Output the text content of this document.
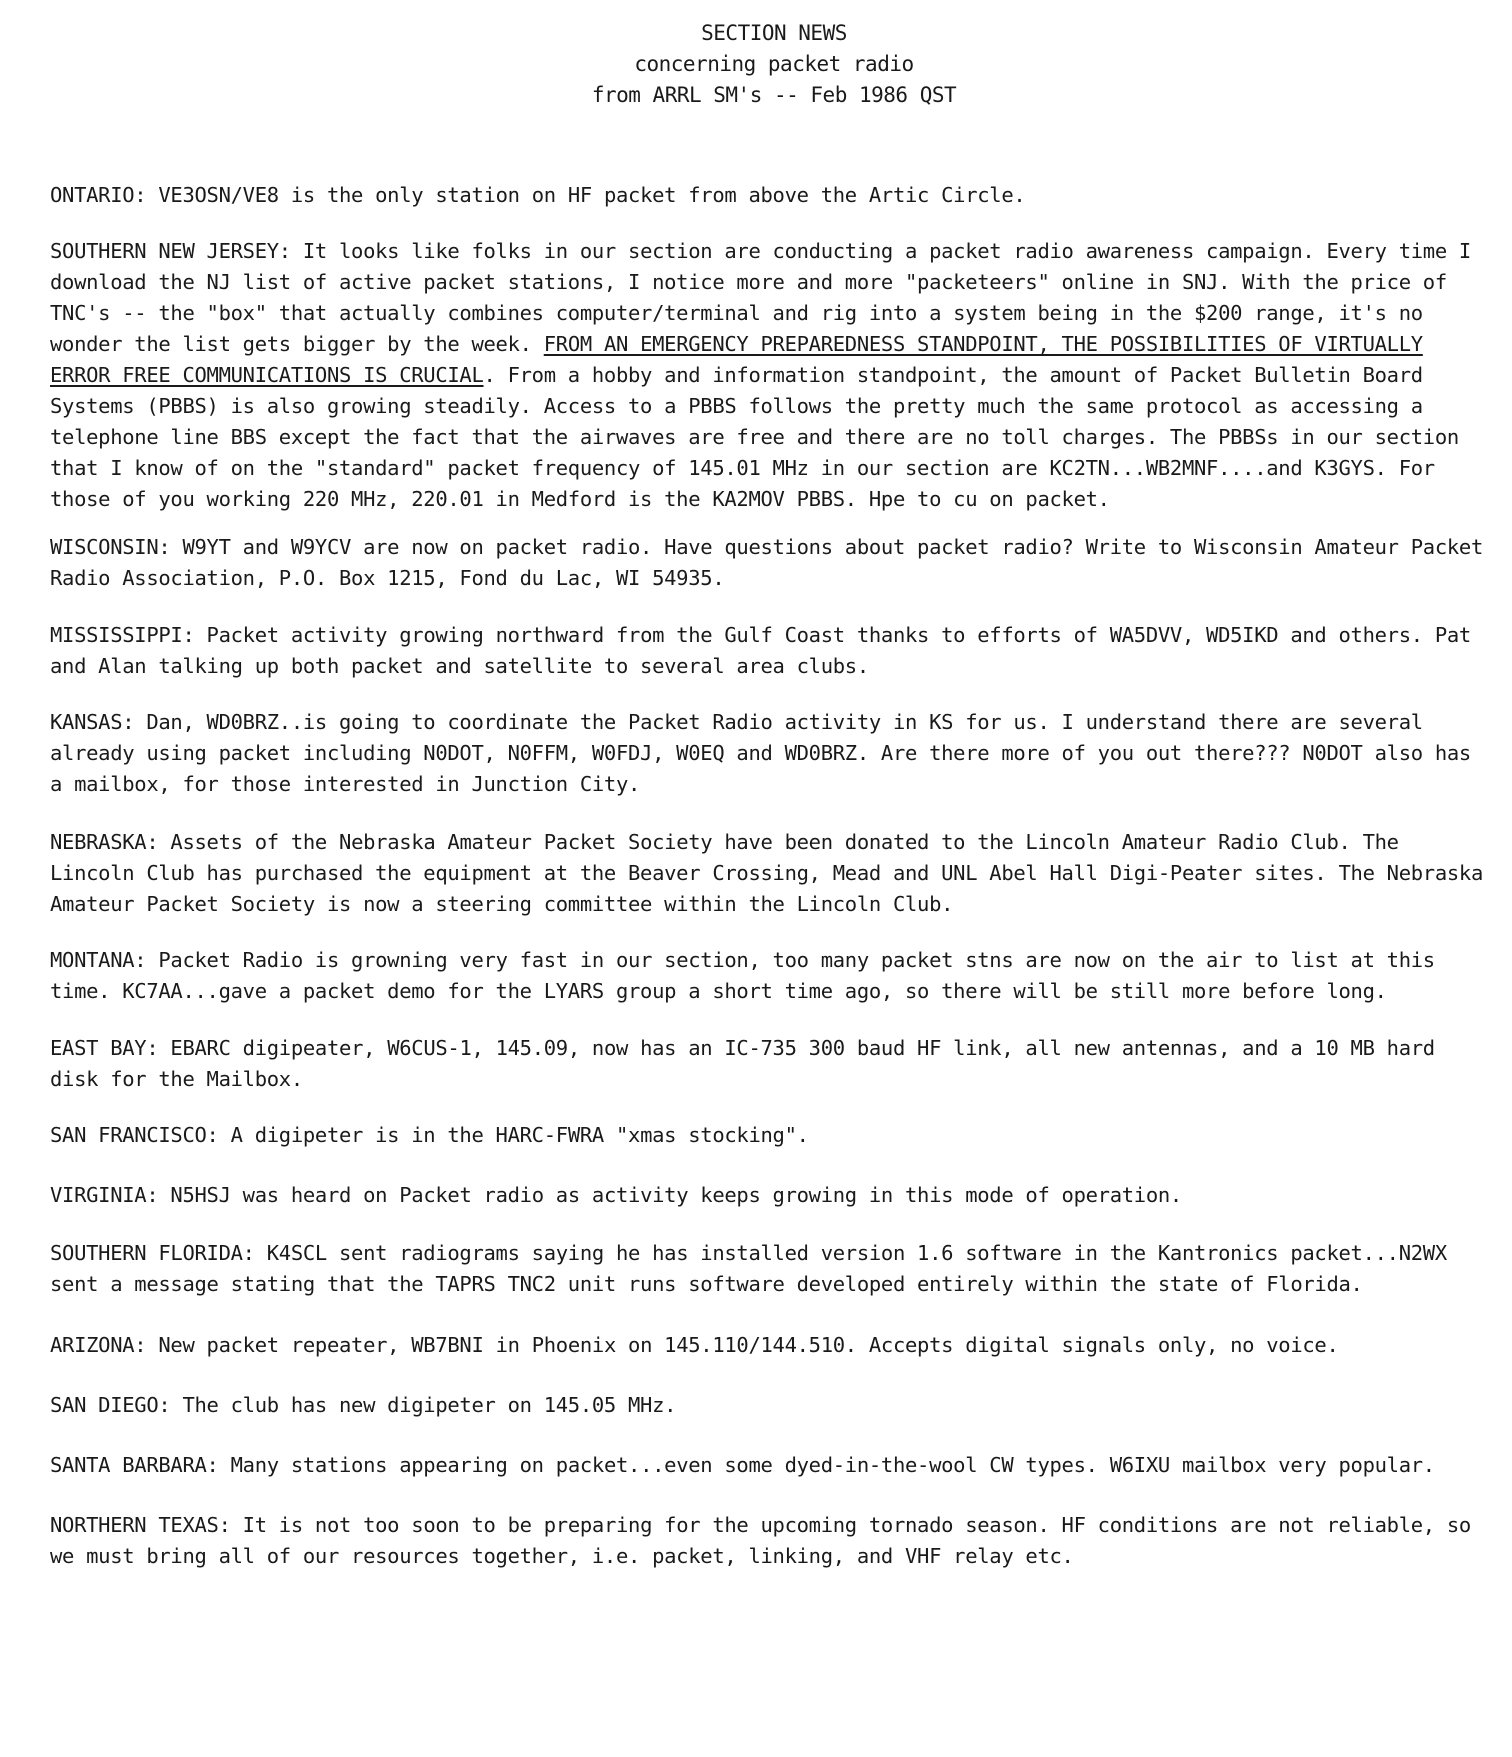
SECTION NEWS
concerning packet radio
from ARRL SM's -- Feb 1986 QST

ONTARIO: VE3OSN/VE8 is the only station on HF packet from above the Artic Circle.

SOUTHERN NEW JERSEY: It looks like folks in our section are conducting a packet radio awareness campaign. Every time I download the NJ list of active packet stations, I notice more and more "packeteers" online in SNJ. With the price of TNC's -- the "box" that actually combines computer/terminal and rig into a system being in the $200 range, it's no wonder the list gets bigger by the week. FROM AN EMERGENCY PREPAREDNESS STANDPOINT, THE POSSIBILITIES OF VIRTUALLY ERROR FREE COMMUNICATIONS IS CRUCIAL. From a hobby and information standpoint, the amount of Packet Bulletin Board Systems (PBBS) is also growing steadily. Access to a PBBS follows the pretty much the same protocol as accessing a telephone line BBS except the fact that the airwaves are free and there are no toll charges. The PBBSs in our section that I know of on the "standard" packet frequency of 145.01 MHz in our section are KC2TN...WB2MNF....and K3GYS. For those of you working 220 MHz, 220.01 in Medford is the KA2MOV PBBS. Hpe to cu on packet.

WISCONSIN: W9YT and W9YCV are now on packet radio. Have questions about packet radio? Write to Wisconsin Amateur Packet Radio Association, P.O. Box 1215, Fond du Lac, WI 54935.

MISSISSIPPI: Packet activity growing northward from the Gulf Coast thanks to efforts of WA5DVV, WD5IKD and others. Pat and Alan talking up both packet and satellite to several area clubs.

KANSAS: Dan, WD0BRZ..is going to coordinate the Packet Radio activity in KS for us. I understand there are several already using packet including N0DOT, N0FFM, W0FDJ, W0EQ and WD0BRZ. Are there more of you out there??? N0DOT also has a mailbox, for those interested in Junction City.

NEBRASKA: Assets of the Nebraska Amateur Packet Society have been donated to the Lincoln Amateur Radio Club. The Lincoln Club has purchased the equipment at the Beaver Crossing, Mead and UNL Abel Hall Digi-Peater sites. The Nebraska Amateur Packet Society is now a steering committee within the Lincoln Club.

MONTANA: Packet Radio is growning very fast in our section, too many packet stns are now on the air to list at this time. KC7AA...gave a packet demo for the LYARS group a short time ago, so there will be still more before long.

EAST BAY: EBARC digipeater, W6CUS-1, 145.09, now has an IC-735 300 baud HF link, all new antennas, and a 10 MB hard disk for the Mailbox.

SAN FRANCISCO: A digipeter is in the HARC-FWRA "xmas stocking".

VIRGINIA: N5HSJ was heard on Packet radio as activity keeps growing in this mode of operation.

SOUTHERN FLORIDA: K4SCL sent radiograms saying he has installed version 1.6 software in the Kantronics packet...N2WX sent a message stating that the TAPRS TNC2 unit runs software developed entirely within the state of Florida.

ARIZONA: New packet repeater, WB7BNI in Phoenix on 145.110/144.510. Accepts digital signals only, no voice.

SAN DIEGO: The club has new digipeter on 145.05 MHz.

SANTA BARBARA: Many stations appearing on packet...even some dyed-in-the-wool CW types. W6IXU mailbox very popular.

NORTHERN TEXAS: It is not too soon to be preparing for the upcoming tornado season. HF conditions are not reliable, so we must bring all of our resources together, i.e. packet, linking, and VHF relay etc.
